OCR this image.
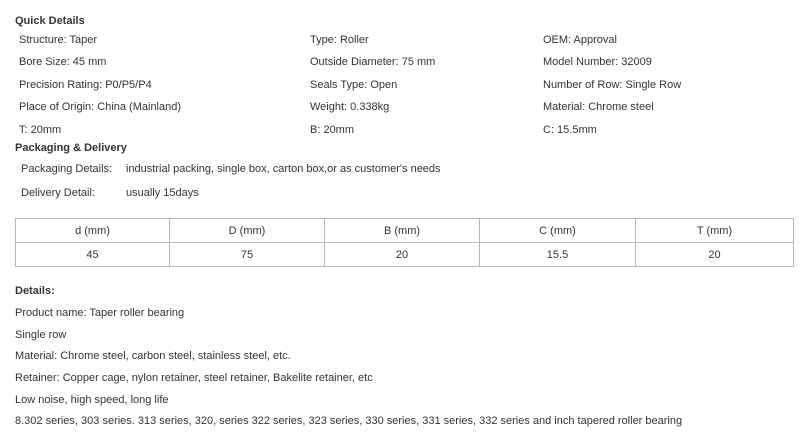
Quick Details
Structure: Taper	Type: Roller	OEM: Approval
Bore Size: 45 mm	Outside Diameter: 75 mm	Model Number: 32009
Precision Rating: P0/P5/P4	Seals Type: Open	Number of Row: Single Row
Place of Origin: China (Mainland)	Weight: 0.338kg	Material: Chrome steel
T: 20mm	B: 20mm	C: 15.5mm
Packaging & Delivery
Packaging Details: industrial packing, single box, carton box,or as customer's needs
Delivery Detail:	usually 15days
d (mm)	D (mm)	B (mm)	C (mm)	T (mm)
45	75	20	15.5	20
Details:
Product name: Taper roller bearing
Single row
Material: Chrome steel, carbon steel, stainless steel, etc.
Retainer: Copper cage, nylon retainer, steel retainer, Bakelite retainer, etc
Low noise, high speed, long life
8.302 series, 303 series. 313 series, 320, series 322 series, 323 series, 330 series, 331 series, 332 series and inch tapered roller bearing
